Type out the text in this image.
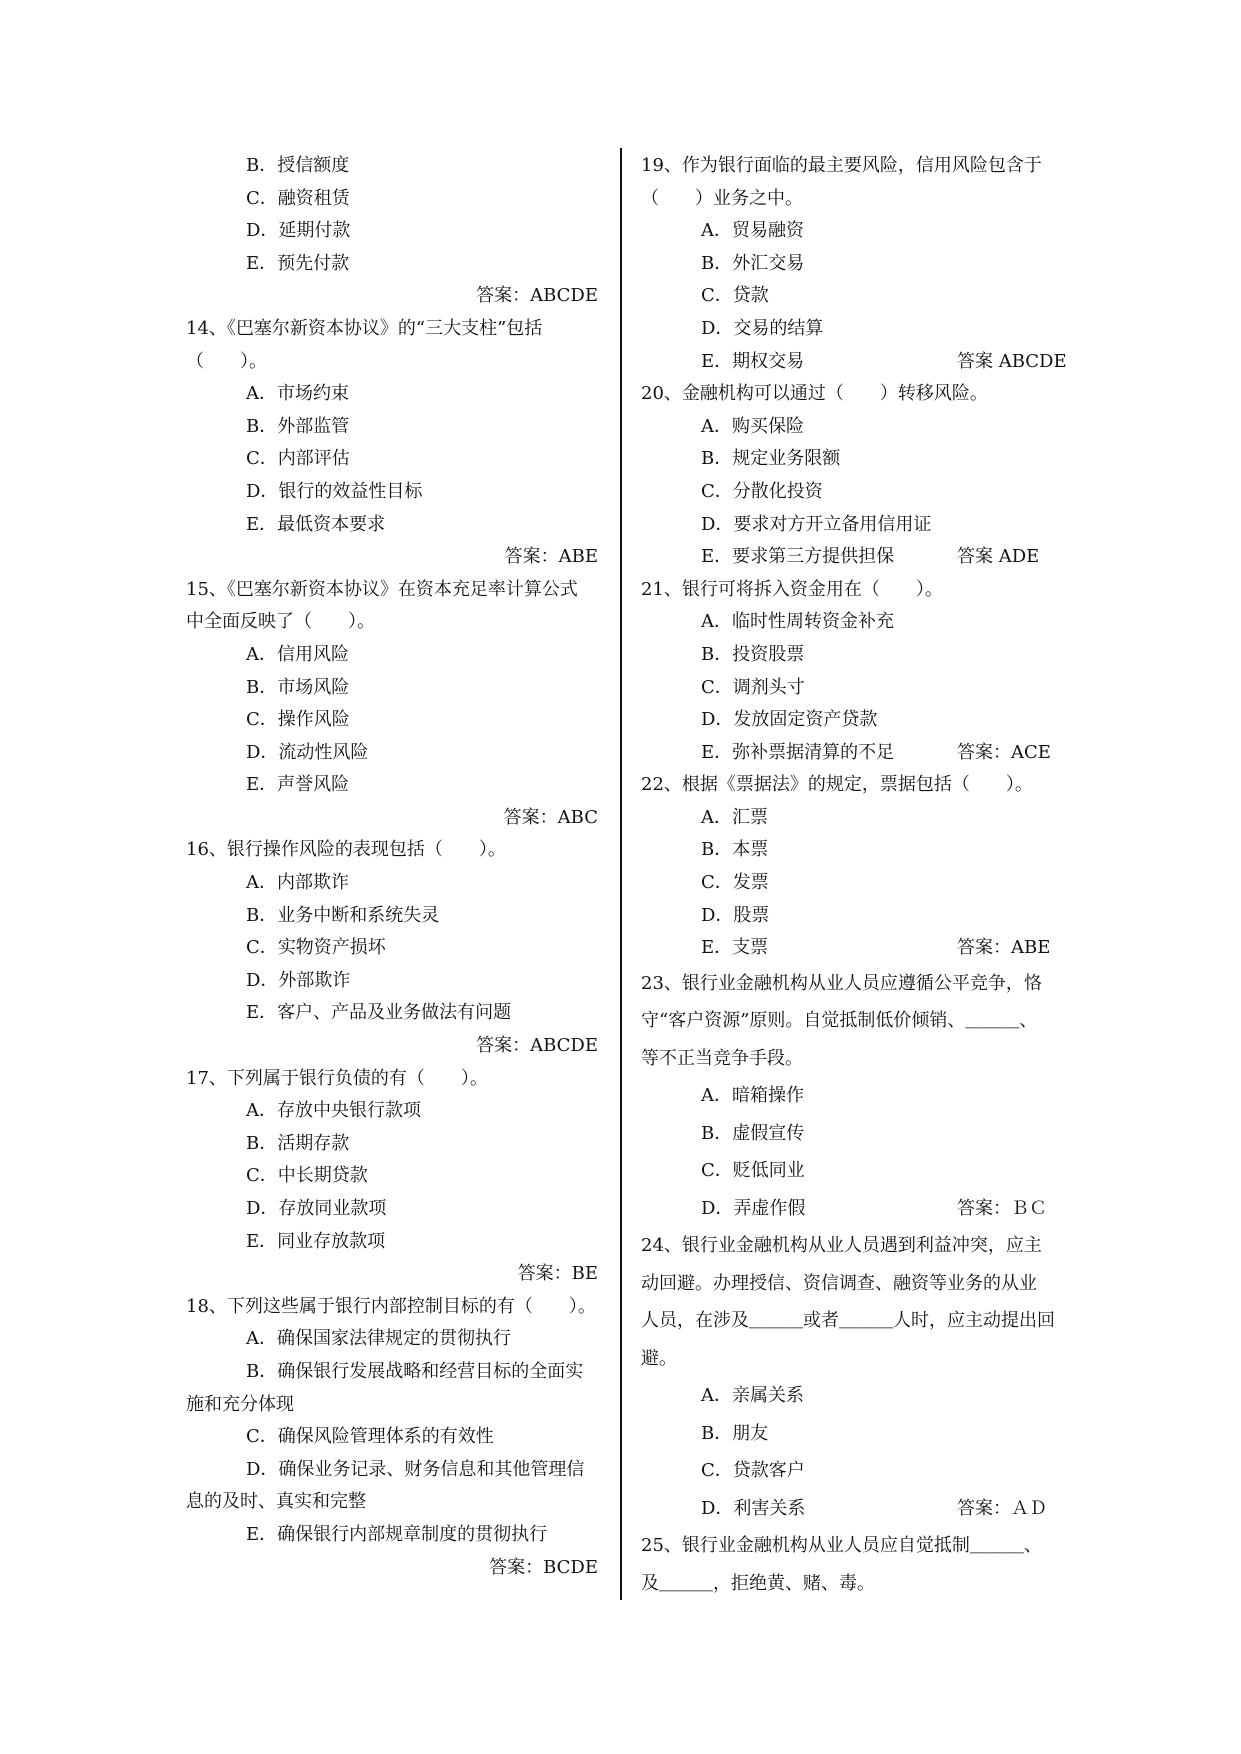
B．授信额度
C．融资租赁
D．延期付款
E．预先付款
答案：ABCDE
14、《巴塞尔新资本协议》的“三大支柱”包括
（　　）。
A．市场约束
B．外部监管
C．内部评估
D．银行的效益性目标
E．最低资本要求
答案：ABE
15、《巴塞尔新资本协议》在资本充足率计算公式
中全面反映了（　　）。
A．信用风险
B．市场风险
C．操作风险
D．流动性风险
E．声誉风险
答案：ABC
16、银行操作风险的表现包括（　　）。
A．内部欺诈
B．业务中断和系统失灵
C．实物资产损坏
D．外部欺诈
E．客户、产品及业务做法有问题
答案：ABCDE
17、下列属于银行负债的有（　　）。
A．存放中央银行款项
B．活期存款
C．中长期贷款
D．存放同业款项
E．同业存放款项
答案：BE
18、下列这些属于银行内部控制目标的有（　　）。
A．确保国家法律规定的贯彻执行
B．确保银行发展战略和经营目标的全面实
施和充分体现
C．确保风险管理体系的有效性
D．确保业务记录、财务信息和其他管理信
息的及时、真实和完整
E．确保银行内部规章制度的贯彻执行
答案：BCDE
19、作为银行面临的最主要风险，信用风险包含于
（　　）业务之中。
A．贸易融资
B．外汇交易
C．贷款
D．交易的结算
E．期权交易	答案 ABCDE
20、金融机构可以通过（　　）转移风险。
A．购买保险
B．规定业务限额
C．分散化投资
D．要求对方开立备用信用证
E．要求第三方提供担保	答案 ADE
21、银行可将拆入资金用在（　　）。
A．临时性周转资金补充
B．投资股票
C．调剂头寸
D．发放固定资产贷款
E．弥补票据清算的不足	答案：ACE
22、根据《票据法》的规定，票据包括（　　）。
A．汇票
B．本票
C．发票
D．股票
E．支票	答案：ABE
23、银行业金融机构从业人员应遵循公平竞争，恪
守“客户资源”原则。自觉抵制低价倾销、＿＿＿、
等不正当竞争手段。
A．暗箱操作
B．虚假宣传
C．贬低同业
D．弄虚作假	答案：ＢＣ
24、银行业金融机构从业人员遇到利益冲突，应主
动回避。办理授信、资信调查、融资等业务的从业
人员，在涉及＿＿＿或者＿＿＿人时，应主动提出回
避。
A．亲属关系
B．朋友
C．贷款客户
D．利害关系	答案：ＡＤ
25、银行业金融机构从业人员应自觉抵制＿＿＿、
及＿＿＿，拒绝黄、赌、毒。
